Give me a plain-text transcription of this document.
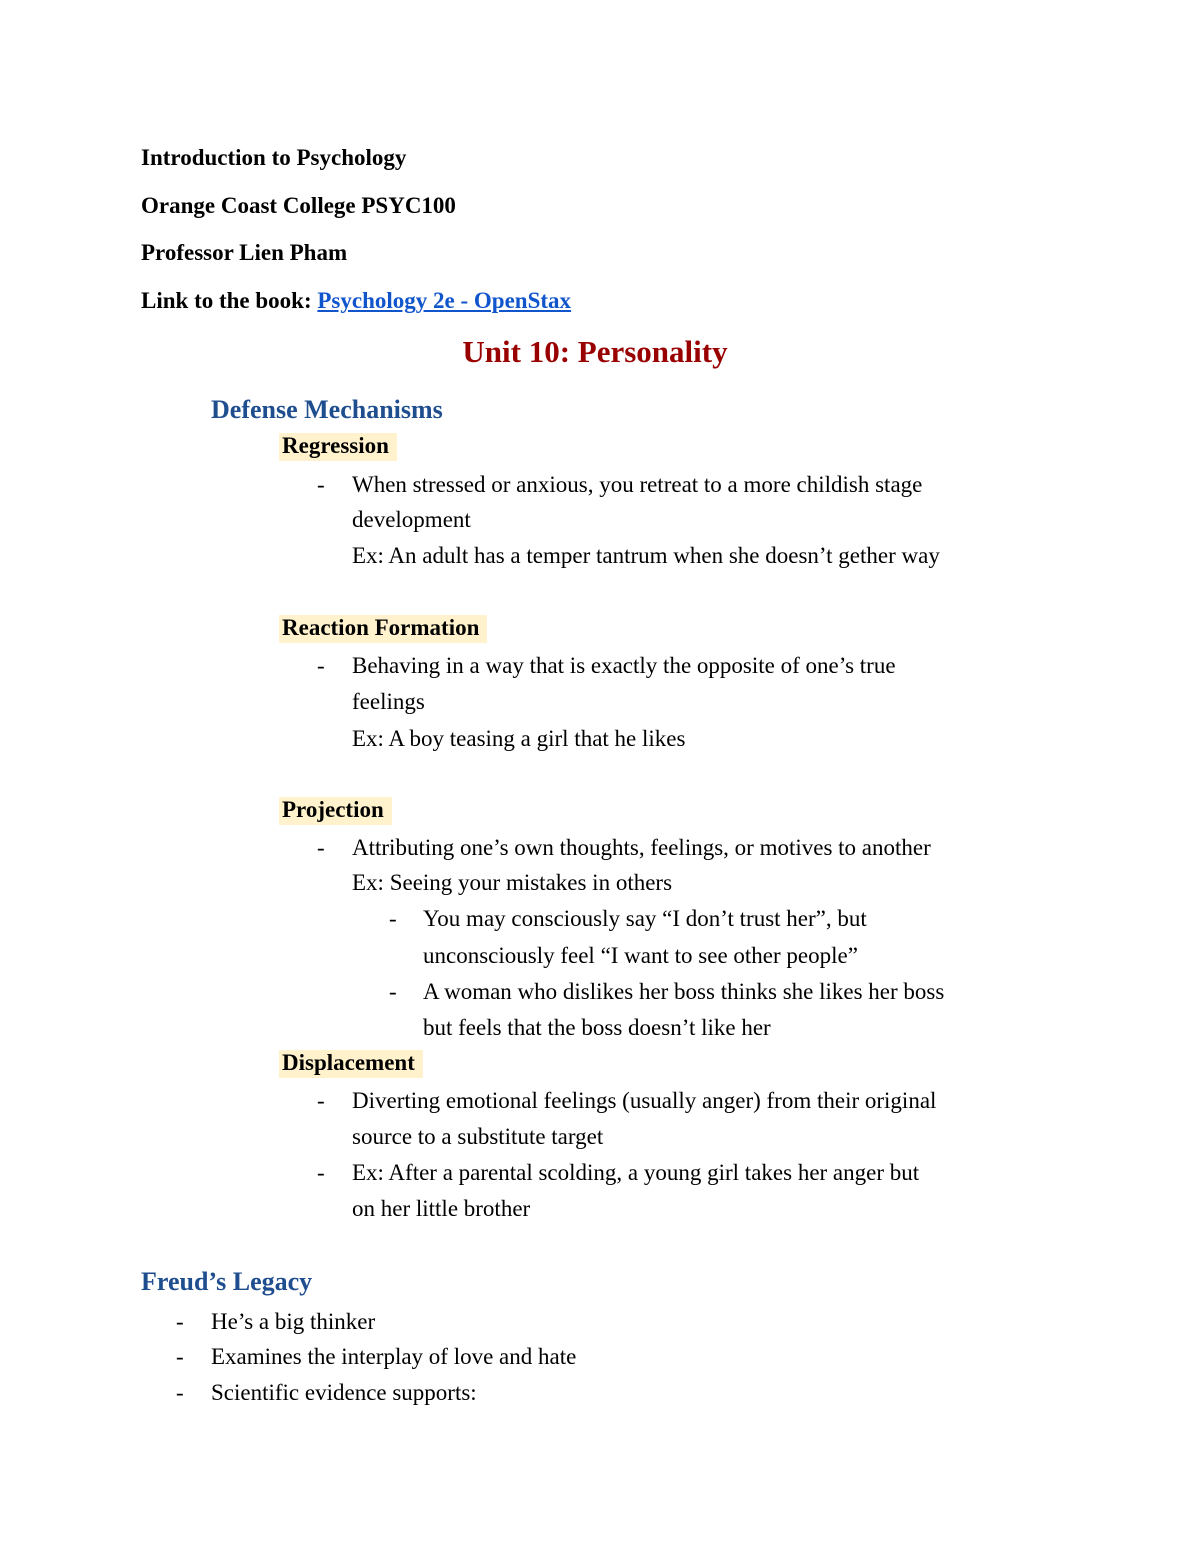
Introduction to Psychology
Orange Coast College PSYC100
Professor Lien Pham
Link to the book: Psychology 2e - OpenStax
Unit 10: Personality
Defense Mechanisms
Regression
- When stressed or anxious, you retreat to a more childish stage
development
Ex: An adult has a temper tantrum when she doesn’t gether way
Reaction Formation
- Behaving in a way that is exactly the opposite of one’s true
feelings
Ex: A boy teasing a girl that he likes
Projection
- Attributing one’s own thoughts, feelings, or motives to another
Ex: Seeing your mistakes in others
- You may consciously say “I don’t trust her”, but
unconsciously feel “I want to see other people”
- A woman who dislikes her boss thinks she likes her boss
but feels that the boss doesn’t like her
Displacement
- Diverting emotional feelings (usually anger) from their original
source to a substitute target
- Ex: After a parental scolding, a young girl takes her anger but
on her little brother
Freud’s Legacy
- He’s a big thinker
- Examines the interplay of love and hate
- Scientific evidence supports:
